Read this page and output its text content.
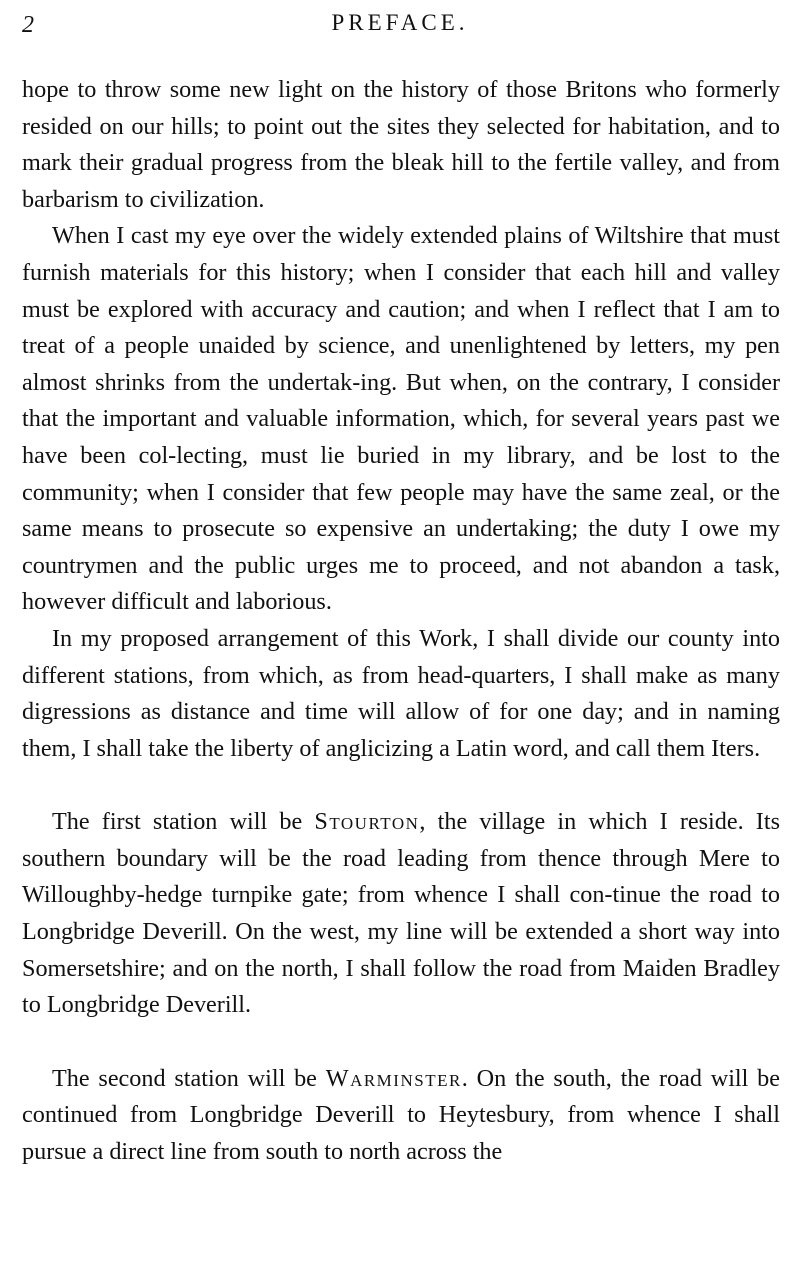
2	PREFACE.

hope to throw some new light on the history of those Britons who formerly resided on our hills; to point out the sites they selected for habitation, and to mark their gradual progress from the bleak hill to the fertile valley, and from barbarism to civilization.

When I cast my eye over the widely extended plains of Wiltshire that must furnish materials for this history; when I consider that each hill and valley must be explored with accuracy and caution; and when I reflect that I am to treat of a people unaided by science, and unenlightened by letters, my pen almost shrinks from the undertak-ing. But when, on the contrary, I consider that the important and valuable information, which, for several years past we have been col-lecting, must lie buried in my library, and be lost to the community; when I consider that few people may have the same zeal, or the same means to prosecute so expensive an undertaking; the duty I owe my countrymen and the public urges me to proceed, and not abandon a task, however difficult and laborious.

In my proposed arrangement of this Work, I shall divide our county into different stations, from which, as from head-quarters, I shall make as many digressions as distance and time will allow of for one day; and in naming them, I shall take the liberty of anglicizing a Latin word, and call them Iters.

The first station will be Stourton, the village in which I reside. Its southern boundary will be the road leading from thence through Mere to Willoughby-hedge turnpike gate; from whence I shall con-tinue the road to Longbridge Deverill. On the west, my line will be extended a short way into Somersetshire; and on the north, I shall follow the road from Maiden Bradley to Longbridge Deverill.

The second station will be Warminster. On the south, the road will be continued from Longbridge Deverill to Heytesbury, from whence I shall pursue a direct line from south to north across the
